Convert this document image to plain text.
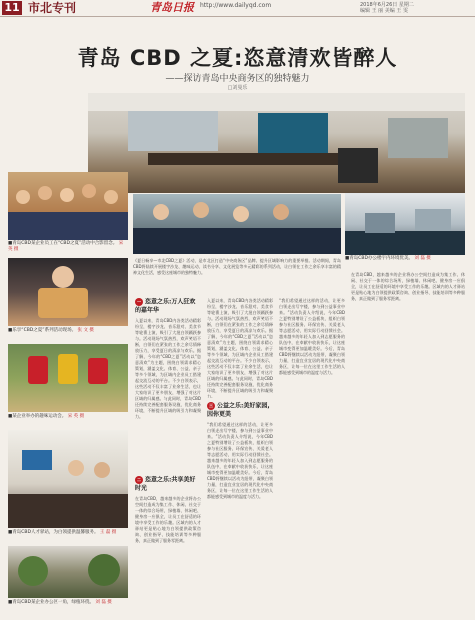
11 市北专刊	青岛日报 http://www.dailyqd.com	2018年6月26日 星期二
编辑 王 丽 美编 王 雯
青岛 CBD 之夏:恣意清欢皆醉人
——探访青岛中央商务区的独特魅力
□刘曼乐
■青岛CBD某企业员工在“CBD之夏”活动中合影留念。 宋 英 摄
■青岛CBD办公楼宇内环境优美。 刘 磊 摄
《夏日畅享—市北CBD之夏》活动，是市北区打造“中央商务区”品牌、提升区域影响力的重要举措。活动期间，青岛CBD将陆续开展楼宇沙龙、趣味运动、读书分享、文化展览等多元精彩的系列活动，让白领在工作之余乐享丰富的精神文化生活，感受这座城市的独特魅力。
■乐享“CBD之夏”系列活动现场。 张 文 摄
■某企业举办的趣味运动会。 宋 英 摄
■青岛CBD人才驿站，为白领提供温馨服务。 王 磊 摄
■青岛CBD某企业办公区一角，绿植环绕。 刘 磊 摄
一 恣意之乐:万人狂欢的嘉年华
入夏以来，青岛CBD内各类活动精彩纷呈，楼宇沙龙、音乐派对、美食节等轮番上演，吸引了大批白领踊跃参与。活动现场气氛热烈，欢声笑语不断，白领们在紧张的工作之余尽情释放压力，享受夏日的清凉与欢乐。据了解，今年的“CBD之夏”活动以“恣意清欢”为主题，围绕白领需求精心策划，涵盖文化、体育、公益、亲子等多个领域，为区域内企业员工搭建起交流互动的平台。不少白领表示，这些活动不仅丰富了业余生活，也让大家结识了更多朋友，增强了对这片区域的归属感。与此同时，青岛CBD还持续完善配套服务设施，优化商务环境，不断提升区域的吸引力和凝聚力。
二 恣意之乐:共享美好时光
在青岛CBD，越来越多的企业将办公空间打造成为集工作、休闲、社交于一体的综合场所，绿植墙、休闲吧、健身房一应俱全，让员工在舒适的环境中享受工作的乐趣。区域内的人才驿站更是贴心地为白领提供政策咨询、创业指导、技能培训等多种服务，真正做到了服务零距离。
入夏以来，青岛CBD内各类活动精彩纷呈，楼宇沙龙、音乐派对、美食节等轮番上演，吸引了大批白领踊跃参与。活动现场气氛热烈，欢声笑语不断，白领们在紧张的工作之余尽情释放压力，享受夏日的清凉与欢乐。据了解，今年的“CBD之夏”活动以“恣意清欢”为主题，围绕白领需求精心策划，涵盖文化、体育、公益、亲子等多个领域，为区域内企业员工搭建起交流互动的平台。不少白领表示，这些活动不仅丰富了业余生活，也让大家结识了更多朋友，增强了对这片区域的归属感。与此同时，青岛CBD还持续完善配套服务设施，优化商务环境，不断提升区域的吸引力和凝聚力。
三 公益之乐:美好家园,因你更美
“我们希望通过这样的活动，让更多白领走出写字楼，参与到公益事业中来。”活动负责人介绍说，今年CBD之夏特别增设了公益板块，组织白领参与社区服务、环保宣传、关爱老人等志愿活动，用实际行动回馈社会。越来越多的年轻人加入到志愿服务的队伍中，在奉献中收获快乐，让这座城市变得更加温暖美好。今后，青岛CBD将继续以活动为纽带，凝聚白领力量，打造宜业宜居的现代化中央商务区，让每一位在这里工作生活的人都能感受到城市的温度与活力。
“我们希望通过这样的活动，让更多白领走出写字楼，参与到公益事业中来。”活动负责人介绍说，今年CBD之夏特别增设了公益板块，组织白领参与社区服务、环保宣传、关爱老人等志愿活动，用实际行动回馈社会。越来越多的年轻人加入到志愿服务的队伍中，在奉献中收获快乐，让这座城市变得更加温暖美好。今后，青岛CBD将继续以活动为纽带，凝聚白领力量，打造宜业宜居的现代化中央商务区，让每一位在这里工作生活的人都能感受到城市的温度与活力。
在青岛CBD，越来越多的企业将办公空间打造成为集工作、休闲、社交于一体的综合场所，绿植墙、休闲吧、健身房一应俱全，让员工在舒适的环境中享受工作的乐趣。区域内的人才驿站更是贴心地为白领提供政策咨询、创业指导、技能培训等多种服务，真正做到了服务零距离。
